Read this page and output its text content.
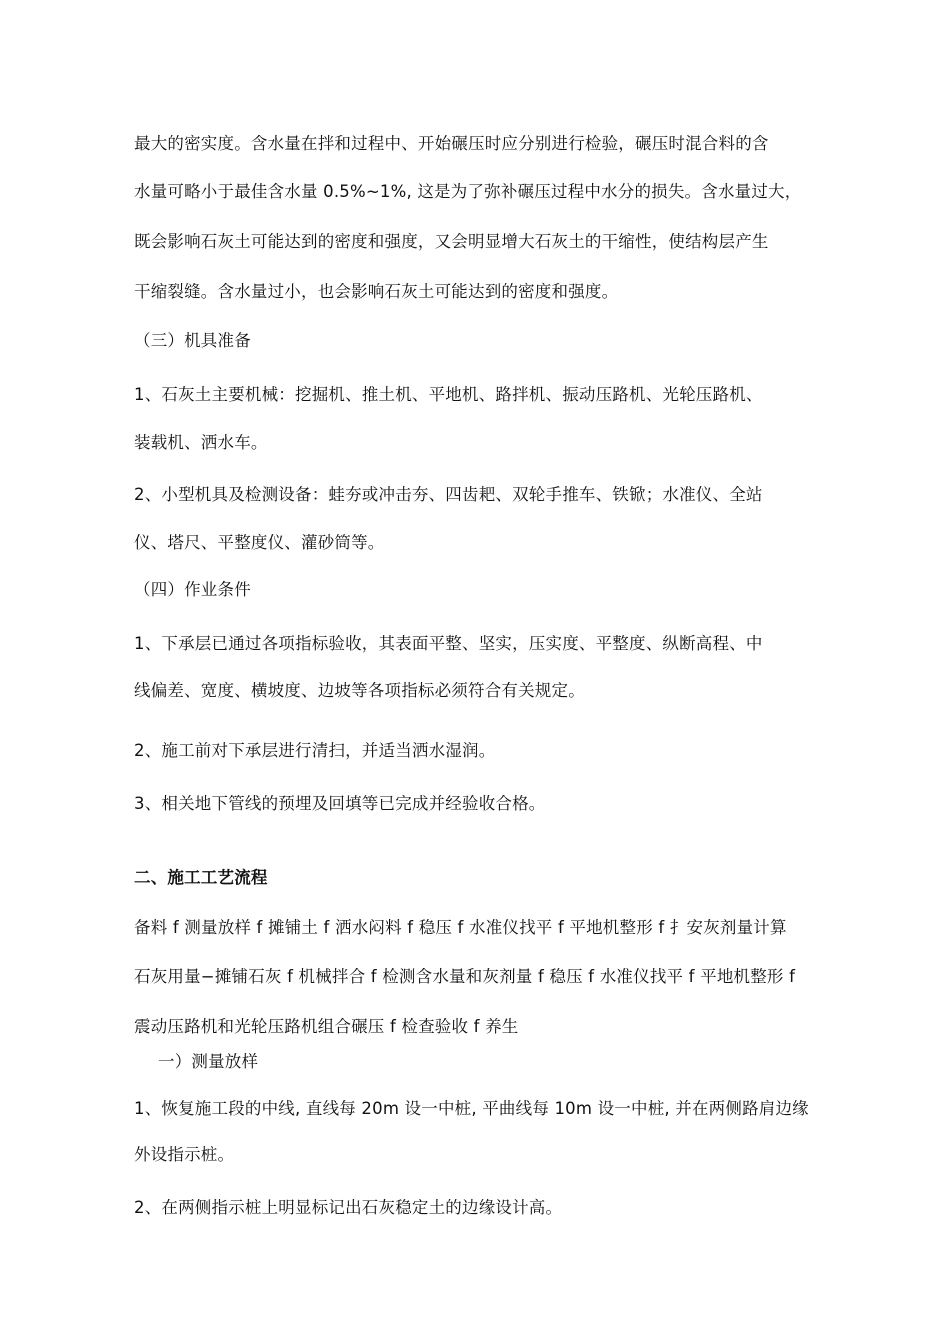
最大的密实度。含水量在拌和过程中、开始碾压时应分别进行检验，碾压时混合料的含
水量可略小于最佳含水量 0.5%~1%, 这是为了弥补碾压过程中水分的损失。含水量过大，
既会影响石灰土可能达到的密度和强度，又会明显增大石灰土的干缩性，使结构层产生
干缩裂缝。含水量过小，也会影响石灰土可能达到的密度和强度。
（三）机具准备
1、石灰土主要机械：挖掘机、推土机、平地机、路拌机、振动压路机、光轮压路机、
装载机、洒水车。
2、小型机具及检测设备：蛙夯或冲击夯、四齿耙、双轮手推车、铁锨；水准仪、全站
仪、塔尺、平整度仪、灌砂筒等。
（四）作业条件
1、下承层已通过各项指标验收，其表面平整、坚实，压实度、平整度、纵断高程、中
线偏差、宽度、横坡度、边坡等各项指标必须符合有关规定。
2、施工前对下承层进行清扫，并适当洒水湿润。
3、相关地下管线的预埋及回填等已完成并经验收合格。
二、施工工艺流程
备料 f 测量放样 f 摊铺土 f 洒水闷料 f 稳压 f 水准仪找平 f 平地机整形 f 扌安灰剂量计算
石灰用量−摊铺石灰 f 机械拌合 f 检测含水量和灰剂量 f 稳压 f 水准仪找平 f 平地机整形 f
震动压路机和光轮压路机组合碾压 f 检查验收 f 养生
一）测量放样
1、恢复施工段的中线, 直线每 20m 设一中桩, 平曲线每 10m 设一中桩, 并在两侧路肩边缘
外设指示桩。
2、在两侧指示桩上明显标记出石灰稳定土的边缘设计高。
